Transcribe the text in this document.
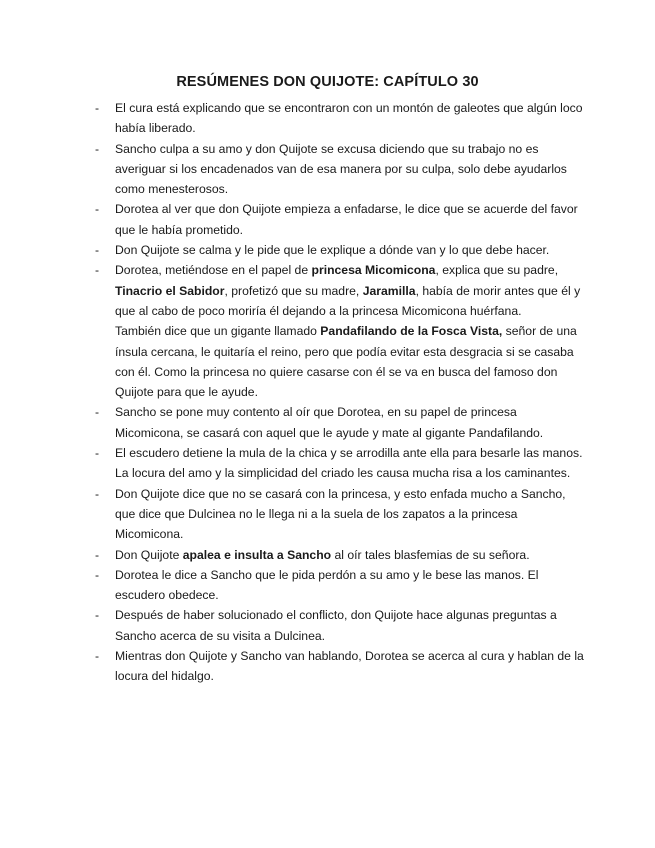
RESÚMENES DON QUIJOTE: CAPÍTULO 30
- El cura está explicando que se encontraron con un montón de galeotes que algún loco había liberado.
- Sancho culpa a su amo y don Quijote se excusa diciendo que su trabajo no es averiguar si los encadenados van de esa manera por su culpa, solo debe ayudarlos como menesterosos.
- Dorotea al ver que don Quijote empieza a enfadarse, le dice que se acuerde del favor que le había prometido.
- Don Quijote se calma y le pide que le explique a dónde van y lo que debe hacer.
- Dorotea, metiéndose en el papel de princesa Micomicona, explica que su padre, Tinacrio el Sabidor, profetizó que su madre, Jaramilla, había de morir antes que él y que al cabo de poco moriría él dejando a la princesa Micomicona huérfana.
También dice que un gigante llamado Pandafilando de la Fosca Vista, señor de una ínsula cercana, le quitaría el reino, pero que podía evitar esta desgracia si se casaba con él. Como la princesa no quiere casarse con él se va en busca del famoso don Quijote para que le ayude.
- Sancho se pone muy contento al oír que Dorotea, en su papel de princesa Micomicona, se casará con aquel que le ayude y mate al gigante Pandafilando.
- El escudero detiene la mula de la chica y se arrodilla ante ella para besarle las manos. La locura del amo y la simplicidad del criado les causa mucha risa a los caminantes.
- Don Quijote dice que no se casará con la princesa, y esto enfada mucho a Sancho, que dice que Dulcinea no le llega ni a la suela de los zapatos a la princesa Micomicona.
- Don Quijote apalea e insulta a Sancho al oír tales blasfemias de su señora.
- Dorotea le dice a Sancho que le pida perdón a su amo y le bese las manos. El escudero obedece.
- Después de haber solucionado el conflicto, don Quijote hace algunas preguntas a Sancho acerca de su visita a Dulcinea.
- Mientras don Quijote y Sancho van hablando, Dorotea se acerca al cura y hablan de la locura del hidalgo.
